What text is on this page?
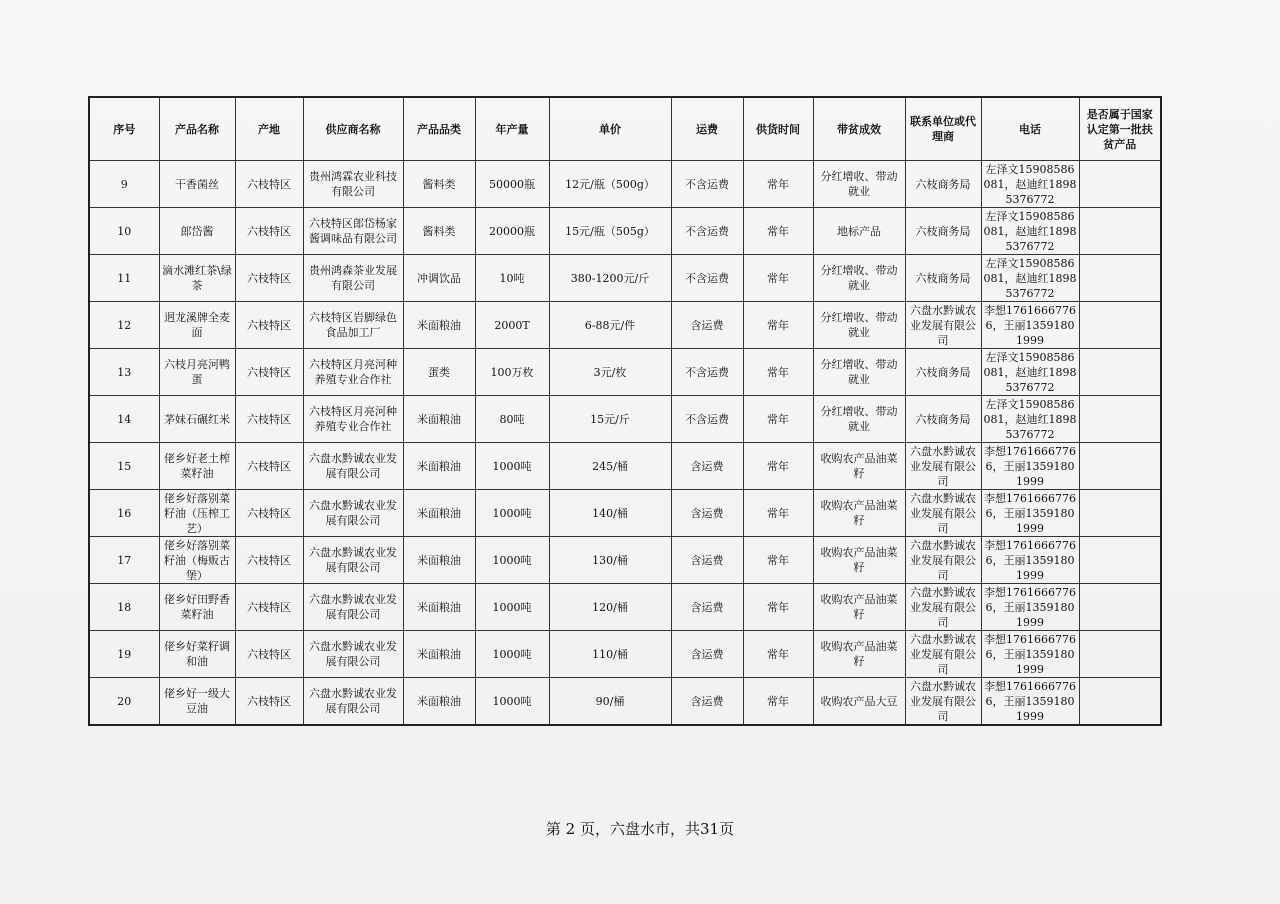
序号	产品名称	产地	供应商名称	产品品类	年产量	单价	运费	供货时间	带贫成效	联系单位或代理商	电话	是否属于国家认定第一批扶贫产品
9	干香菌丝	六枝特区	贵州鸿霖农业科技有限公司	酱料类	50000瓶	12元/瓶（500g）	不含运费	常年	分红增收、带动就业	六枝商务局	左泽文15908586081，赵迪红18985376772	
10	郎岱酱	六枝特区	六枝特区郎岱杨家酱调味品有限公司	酱料类	20000瓶	15元/瓶（505g）	不含运费	常年	地标产品	六枝商务局	左泽文15908586081，赵迪红18985376772	
11	滴水滩红茶\绿茶	六枝特区	贵州鸿森茶业发展有限公司	冲调饮品	10吨	380-1200元/斤	不含运费	常年	分红增收、带动就业	六枝商务局	左泽文15908586081，赵迪红18985376772	
12	迥龙溪牌全麦面	六枝特区	六枝特区岩脚绿色食品加工厂	米面粮油	2000T	6-88元/件	含运费	常年	分红增收、带动就业	六盘水黔诚农业发展有限公司	李想17616667766，王丽13591801999	
13	六枝月亮河鸭蛋	六枝特区	六枝特区月亮河种养殖专业合作社	蛋类	100万枚	3元/枚	不含运费	常年	分红增收、带动就业	六枝商务局	左泽文15908586081，赵迪红18985376772	
14	茅妹石碾红米	六枝特区	六枝特区月亮河种养殖专业合作社	米面粮油	80吨	15元/斤	不含运费	常年	分红增收、带动就业	六枝商务局	左泽文15908586081，赵迪红18985376772	
15	佬乡好老土榨菜籽油	六枝特区	六盘水黔诚农业发展有限公司	米面粮油	1000吨	245/桶	含运费	常年	收购农产品油菜籽	六盘水黔诚农业发展有限公司	李想17616667766，王丽13591801999	
16	佬乡好落别菜籽油（压榨工艺）	六枝特区	六盘水黔诚农业发展有限公司	米面粮油	1000吨	140/桶	含运费	常年	收购农产品油菜籽	六盘水黔诚农业发展有限公司	李想17616667766，王丽13591801999	
17	佬乡好落别菜籽油（梅贩古堡）	六枝特区	六盘水黔诚农业发展有限公司	米面粮油	1000吨	130/桶	含运费	常年	收购农产品油菜籽	六盘水黔诚农业发展有限公司	李想17616667766，王丽13591801999	
18	佬乡好田野香菜籽油	六枝特区	六盘水黔诚农业发展有限公司	米面粮油	1000吨	120/桶	含运费	常年	收购农产品油菜籽	六盘水黔诚农业发展有限公司	李想17616667766，王丽13591801999	
19	佬乡好菜籽调和油	六枝特区	六盘水黔诚农业发展有限公司	米面粮油	1000吨	110/桶	含运费	常年	收购农产品油菜籽	六盘水黔诚农业发展有限公司	李想17616667766，王丽13591801999	
20	佬乡好一级大豆油	六枝特区	六盘水黔诚农业发展有限公司	米面粮油	1000吨	90/桶	含运费	常年	收购农产品大豆	六盘水黔诚农业发展有限公司	李想17616667766，王丽13591801999	
第 2 页，六盘水市，共31页
